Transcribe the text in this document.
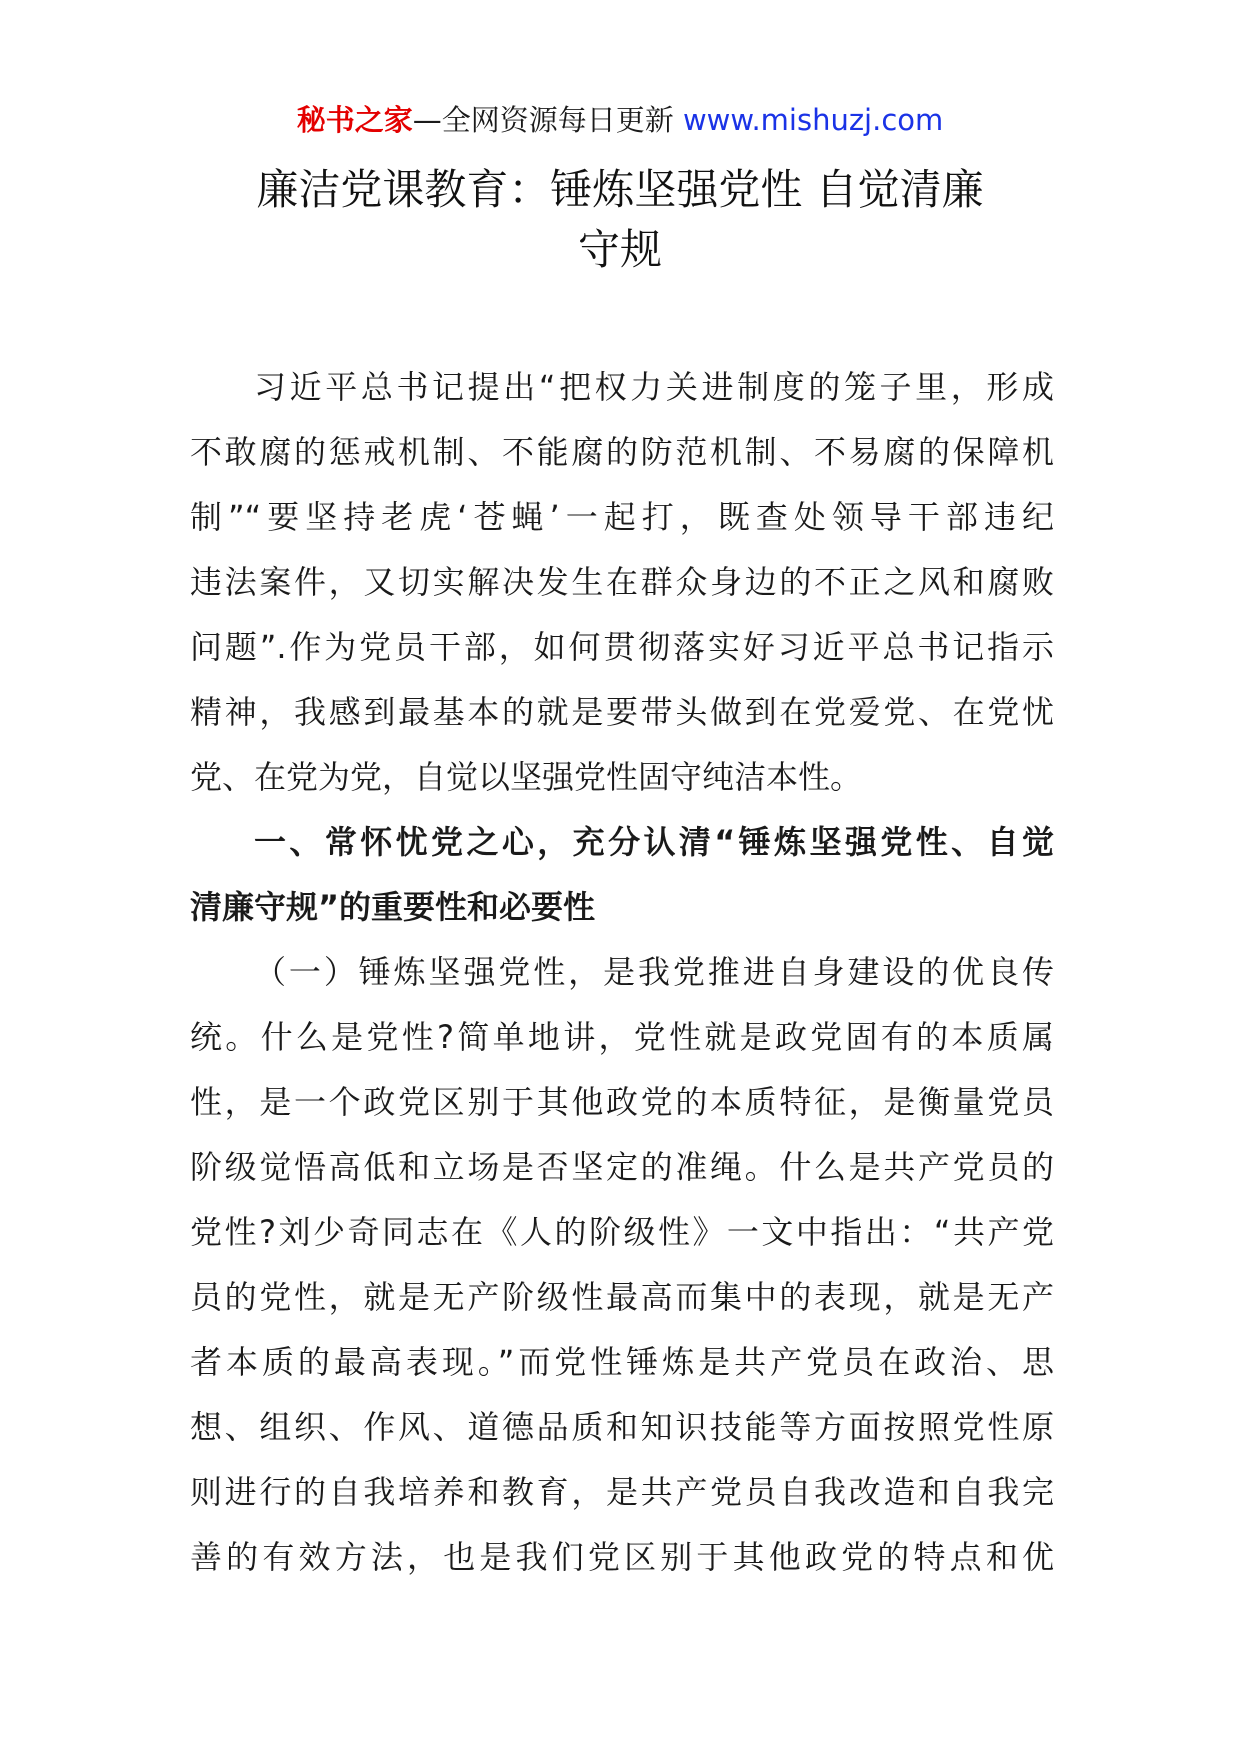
秘书之家—全网资源每日更新 www.mishuzj.com
廉洁党课教育：锤炼坚强党性 自觉清廉
守规
习近平总书记提出“把权力关进制度的笼子里，形成
不敢腐的惩戒机制、不能腐的防范机制、不易腐的保障机
制”“要坚持老虎‘苍蝇’一起打，既查处领导干部违纪
违法案件，又切实解决发生在群众身边的不正之风和腐败
问题”.作为党员干部，如何贯彻落实好习近平总书记指示
精神，我感到最基本的就是要带头做到在党爱党、在党忧
党、在党为党，自觉以坚强党性固守纯洁本性。
一、常怀忧党之心，充分认清“锤炼坚强党性、自觉
清廉守规”的重要性和必要性
（一）锤炼坚强党性，是我党推进自身建设的优良传
统。什么是党性?简单地讲，党性就是政党固有的本质属
性，是一个政党区别于其他政党的本质特征，是衡量党员
阶级觉悟高低和立场是否坚定的准绳。什么是共产党员的
党性?刘少奇同志在《人的阶级性》一文中指出：“共产党
员的党性，就是无产阶级性最高而集中的表现，就是无产
者本质的最高表现。”而党性锤炼是共产党员在政治、思
想、组织、作风、道德品质和知识技能等方面按照党性原
则进行的自我培养和教育，是共产党员自我改造和自我完
善的有效方法，也是我们党区别于其他政党的特点和优
